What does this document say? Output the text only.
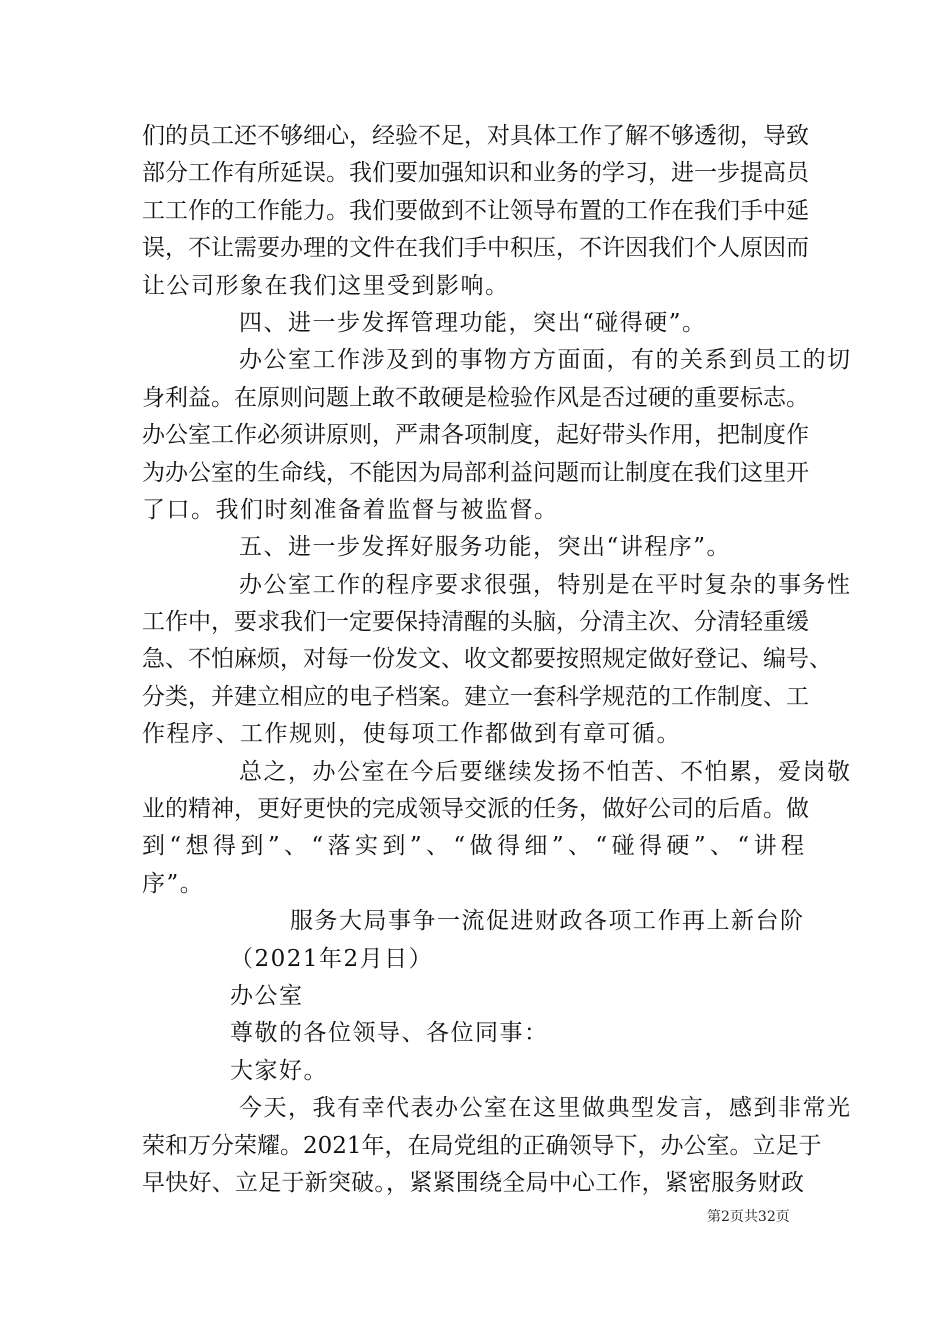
们的员工还不够细心，经验不足，对具体工作了解不够透彻，导致
部分工作有所延误。我们要加强知识和业务的学习，进一步提高员
工工作的工作能力。我们要做到不让领导布置的工作在我们手中延
误，不让需要办理的文件在我们手中积压，不许因我们个人原因而
让公司形象在我们这里受到影响。
四、进一步发挥管理功能，突出“碰得硬”。
办公室工作涉及到的事物方方面面，有的关系到员工的切
身利益。在原则问题上敢不敢硬是检验作风是否过硬的重要标志。
办公室工作必须讲原则，严肃各项制度，起好带头作用，把制度作
为办公室的生命线，不能因为局部利益问题而让制度在我们这里开
了口。我们时刻准备着监督与被监督。
五、进一步发挥好服务功能，突出“讲程序”。
办公室工作的程序要求很强，特别是在平时复杂的事务性
工作中，要求我们一定要保持清醒的头脑，分清主次、分清轻重缓
急、不怕麻烦，对每一份发文、收文都要按照规定做好登记、编号、
分类，并建立相应的电子档案。建立一套科学规范的工作制度、工
作程序、工作规则，使每项工作都做到有章可循。
总之，办公室在今后要继续发扬不怕苦、不怕累，爱岗敬
业的精神，更好更快的完成领导交派的任务，做好公司的后盾。做
到“想得到”、“落实到”、“做得细”、“碰得硬”、“讲程
序”。
服务大局事争一流促进财政各项工作再上新台阶
（2021年2月日）
办公室
尊敬的各位领导、各位同事：
大家好。
今天，我有幸代表办公室在这里做典型发言，感到非常光
荣和万分荣耀。2021年，在局党组的正确领导下，办公室。立足于
早快好、立足于新突破。，紧紧围绕全局中心工作，紧密服务财政
第2页共32页
